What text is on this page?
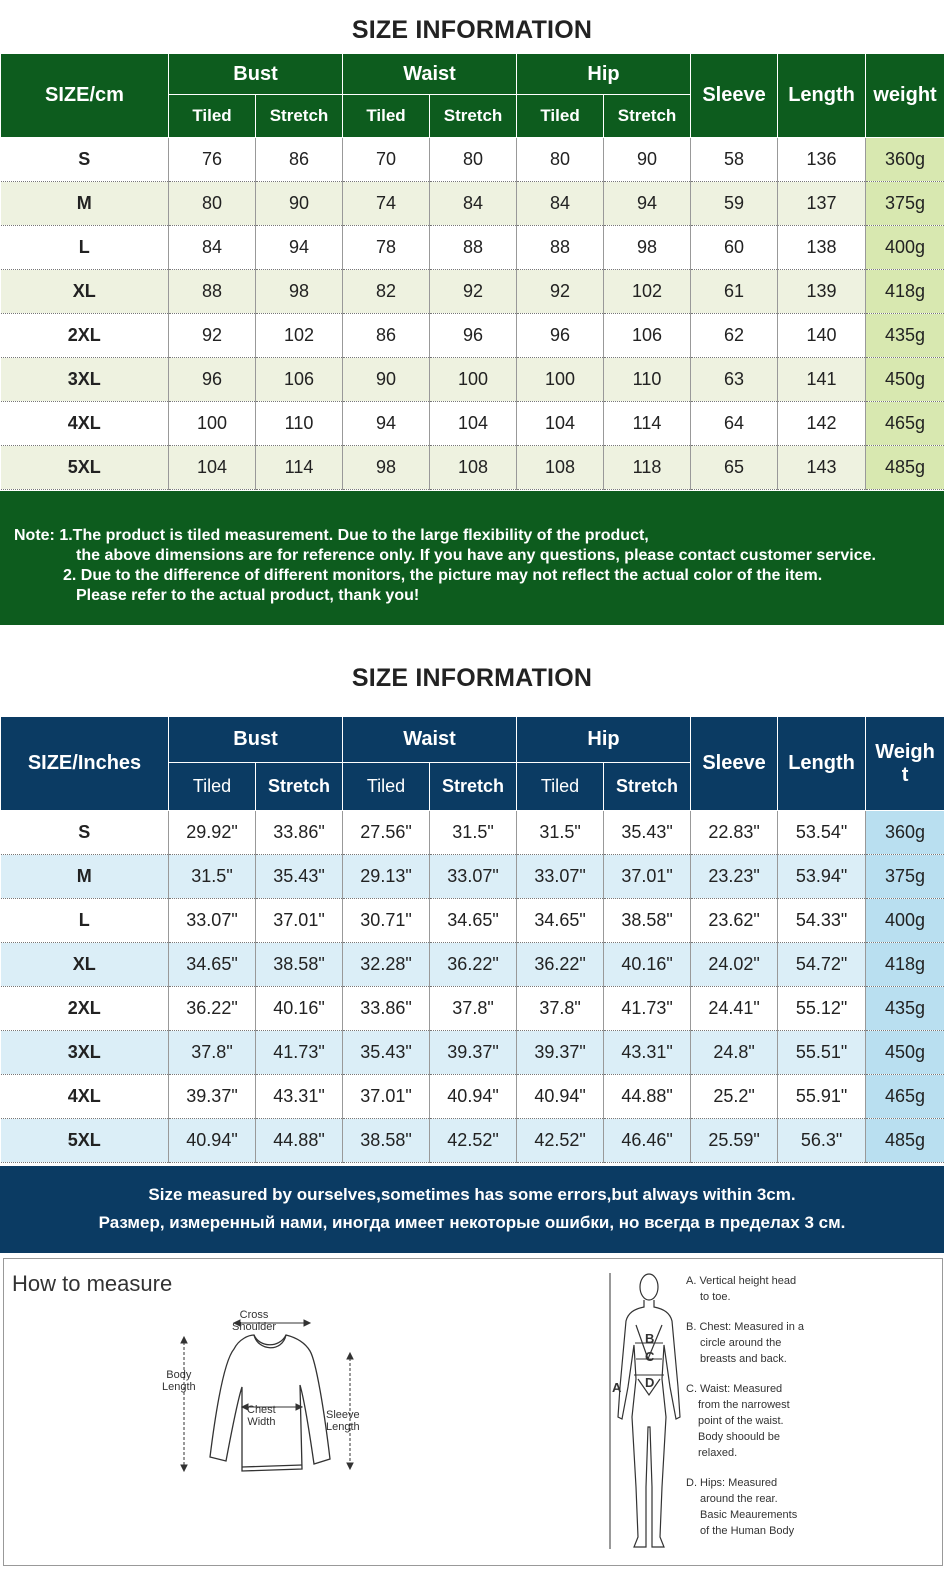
SIZE INFORMATION
SIZE/cm	Bust		Waist		Hip		Sleeve	Length	weight
	Tiled	Stretch	Tiled	Stretch	Tiled	Stretch			
S	76	86	70	80	80	90	58	136	360g
M	80	90	74	84	84	94	59	137	375g
L	84	94	78	88	88	98	60	138	400g
XL	88	98	82	92	92	102	61	139	418g
2XL	92	102	86	96	96	106	62	140	435g
3XL	96	106	90	100	100	110	63	141	450g
4XL	100	110	94	104	104	114	64	142	465g
5XL	104	114	98	108	108	118	65	143	485g
Note: 1.The product is tiled measurement. Due to the large flexibility of the product,
the above dimensions are for reference only. If you have any questions, please contact customer service.
2. Due to the difference of different monitors, the picture may not reflect the actual color of the item.
Please refer to the actual product, thank you!
SIZE INFORMATION
SIZE/Inches	Bust		Waist		Hip		Sleeve	Length	Weigh
t
	Tiled	Stretch	Tiled	Stretch	Tiled	Stretch			
S	29.92"	33.86"	27.56"	31.5"	31.5"	35.43"	22.83"	53.54"	360g
M	31.5"	35.43"	29.13"	33.07"	33.07"	37.01"	23.23"	53.94"	375g
L	33.07"	37.01"	30.71"	34.65"	34.65"	38.58"	23.62"	54.33"	400g
XL	34.65"	38.58"	32.28"	36.22"	36.22"	40.16"	24.02"	54.72"	418g
2XL	36.22"	40.16"	33.86"	37.8"	37.8"	41.73"	24.41"	55.12"	435g
3XL	37.8"	41.73"	35.43"	39.37"	39.37"	43.31"	24.8"	55.51"	450g
4XL	39.37"	43.31"	37.01"	40.94"	40.94"	44.88"	25.2"	55.91"	465g
5XL	40.94"	44.88"	38.58"	42.52"	42.52"	46.46"	25.59"	56.3"	485g
Size measured by ourselves,sometimes has some errors,but always within 3cm.
Размер, измеренный нами, иногда имеет некоторые ошибки, но всегда в пределах 3 см.
How to measure
Cross
Shoulder
Body
Length
Chest
Width
Sleeve
Length
A
B
C
D
A. Vertical height head
to toe.
B. Chest: Measured in a
circle around the
breasts and back.
C. Waist: Measured
from the narrowest
point of the waist.
Body shoould be
relaxed.
D. Hips: Measured
around the rear.
Basic Meaurements
of the Human Body
